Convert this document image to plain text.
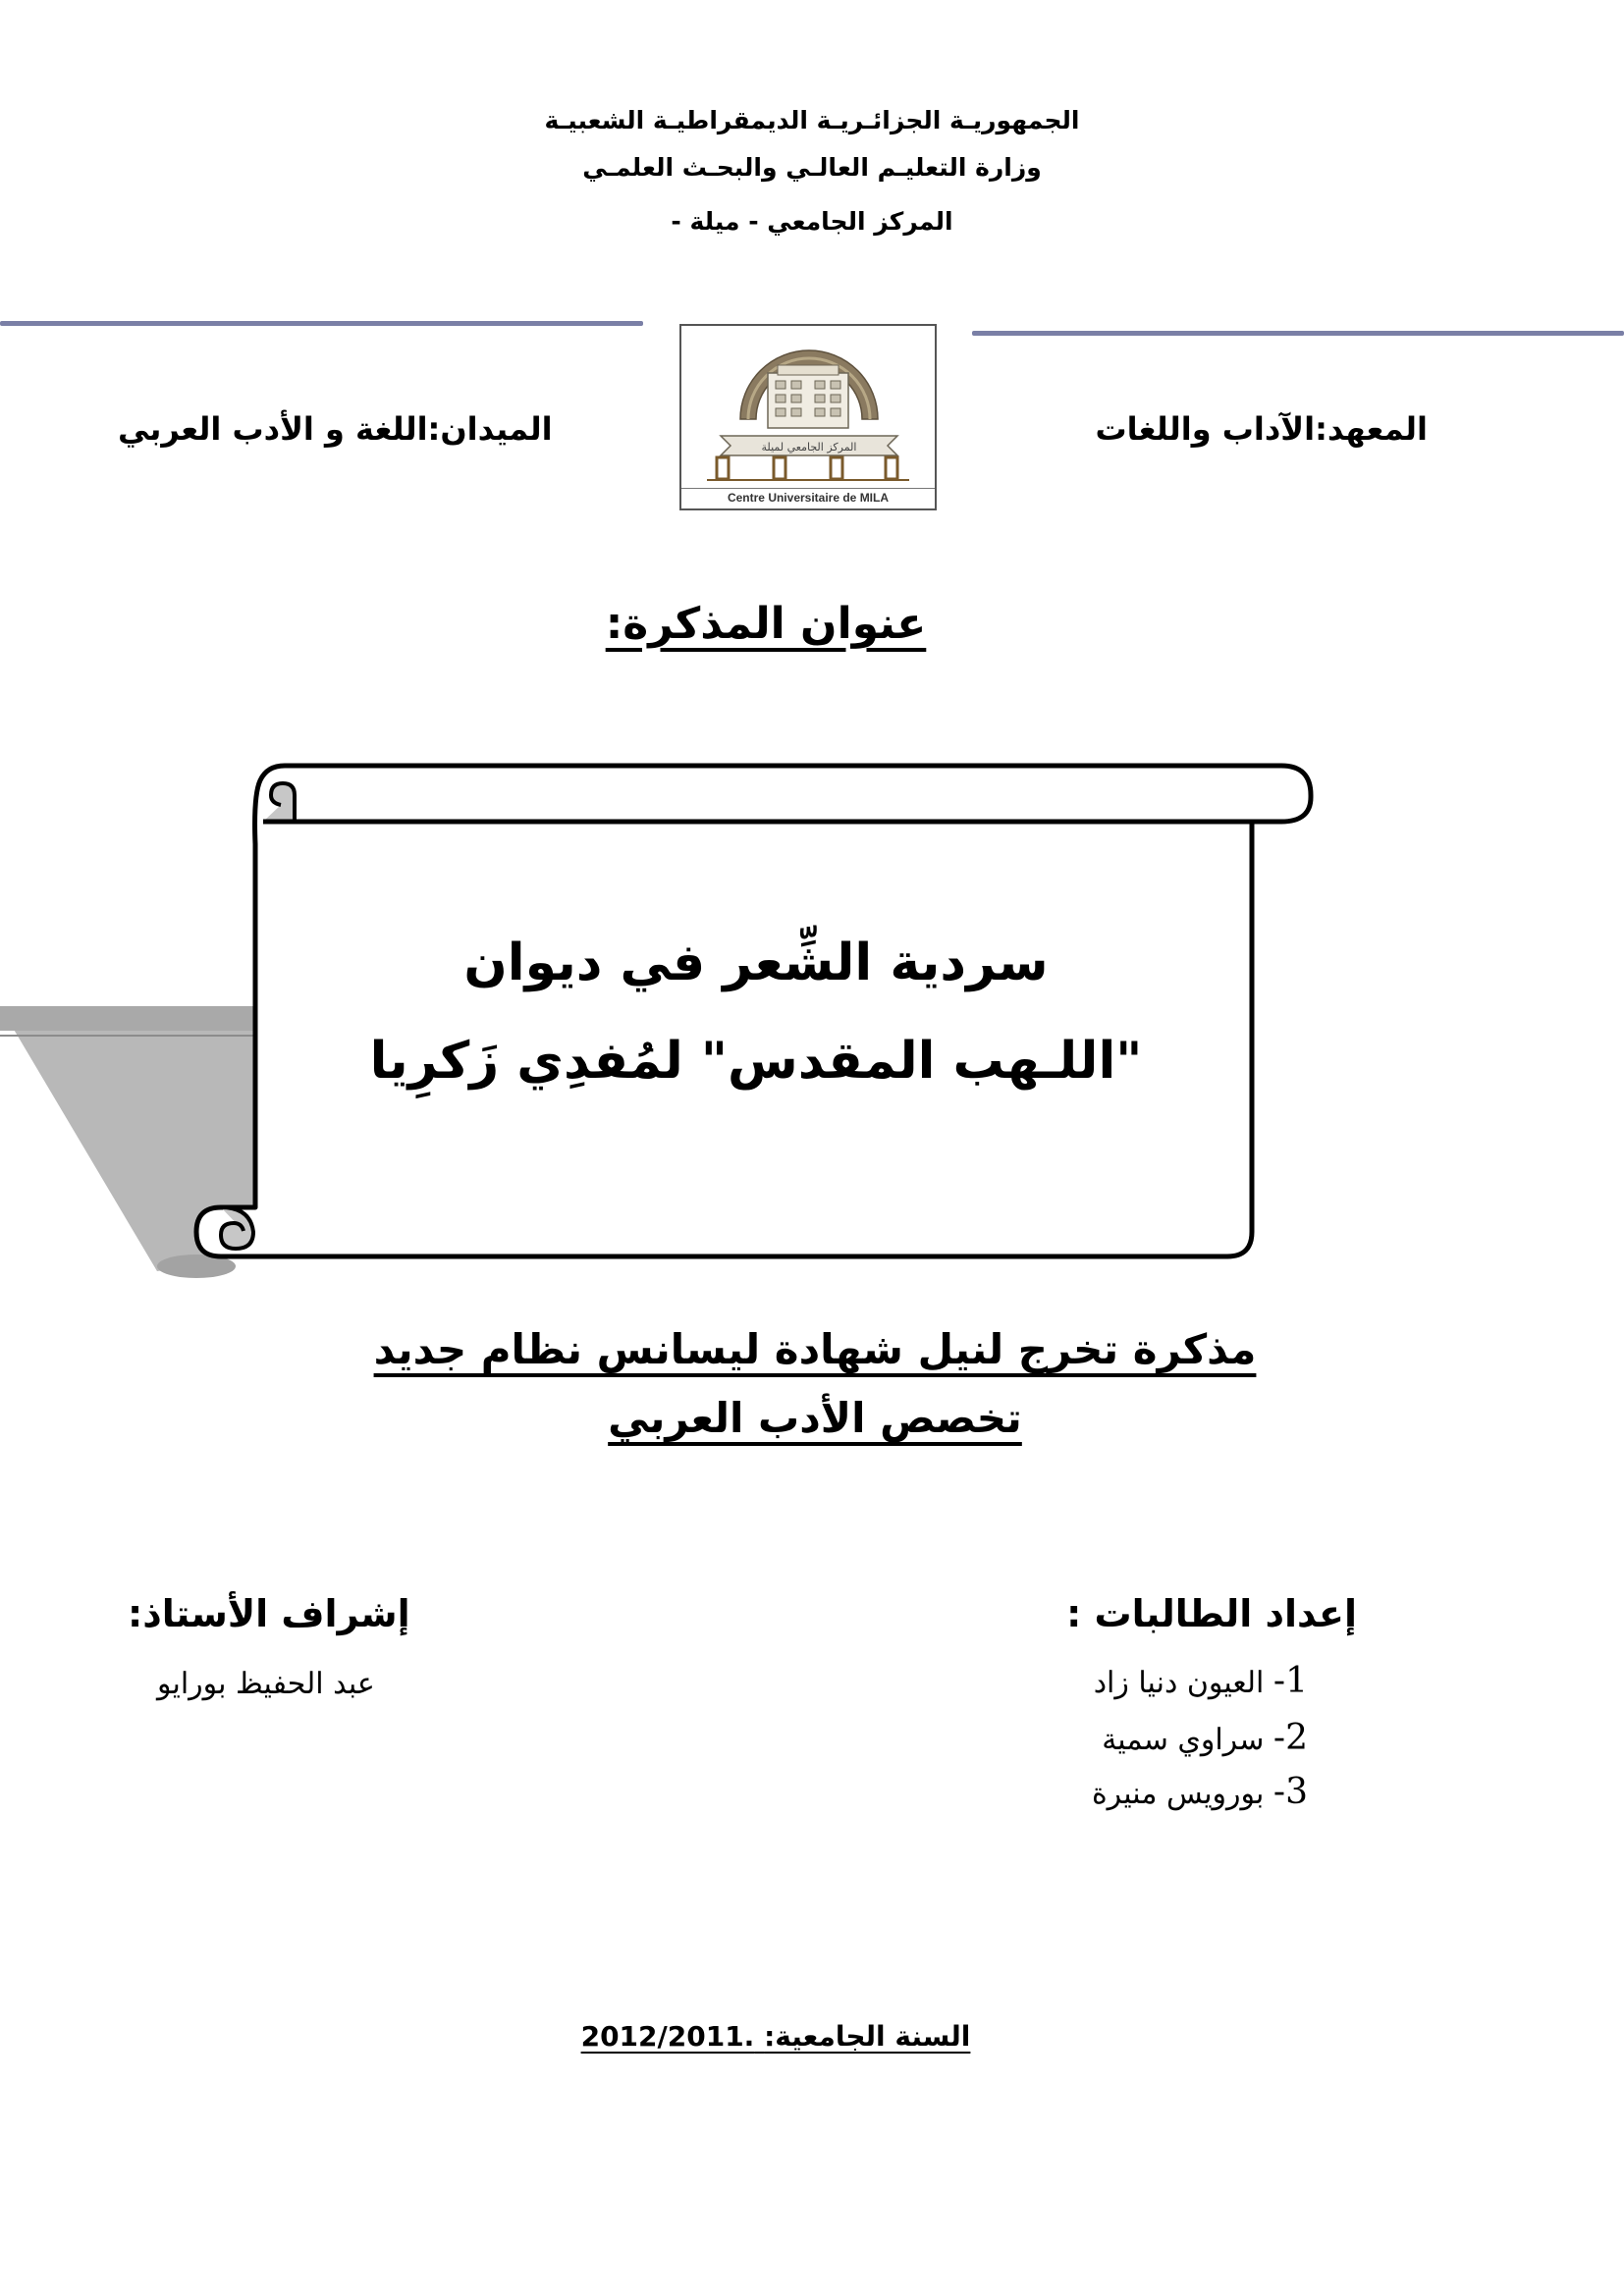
الجمهوريـة الجزائـريـة الديمقراطيـة الشعبيـة
وزارة التعليـم العالـي والبحـث العلمـي
المركز الجامعي - ميلة -
المركز الجامعي لميلة
Centre Universitaire de MILA
المعهد:الآداب واللغات
الميدان:اللغة و الأدب العربي
عنوان المذكرة:
سردية الشِّعر في ديوان
"اللـهب المقدس" لمُفدِي زَكرِيا
مذكرة تخرج لنيل شهادة ليسانس نظام جديد
تخصص الأدب العربي
إعداد الطالبات :
1- العيون دنيا زاد
2- سراوي سمية
3- بورويس منيرة
إشراف الأستاذ:
عبد الحفيظ بورايو
السنة الجامعية: 2012/2011.
